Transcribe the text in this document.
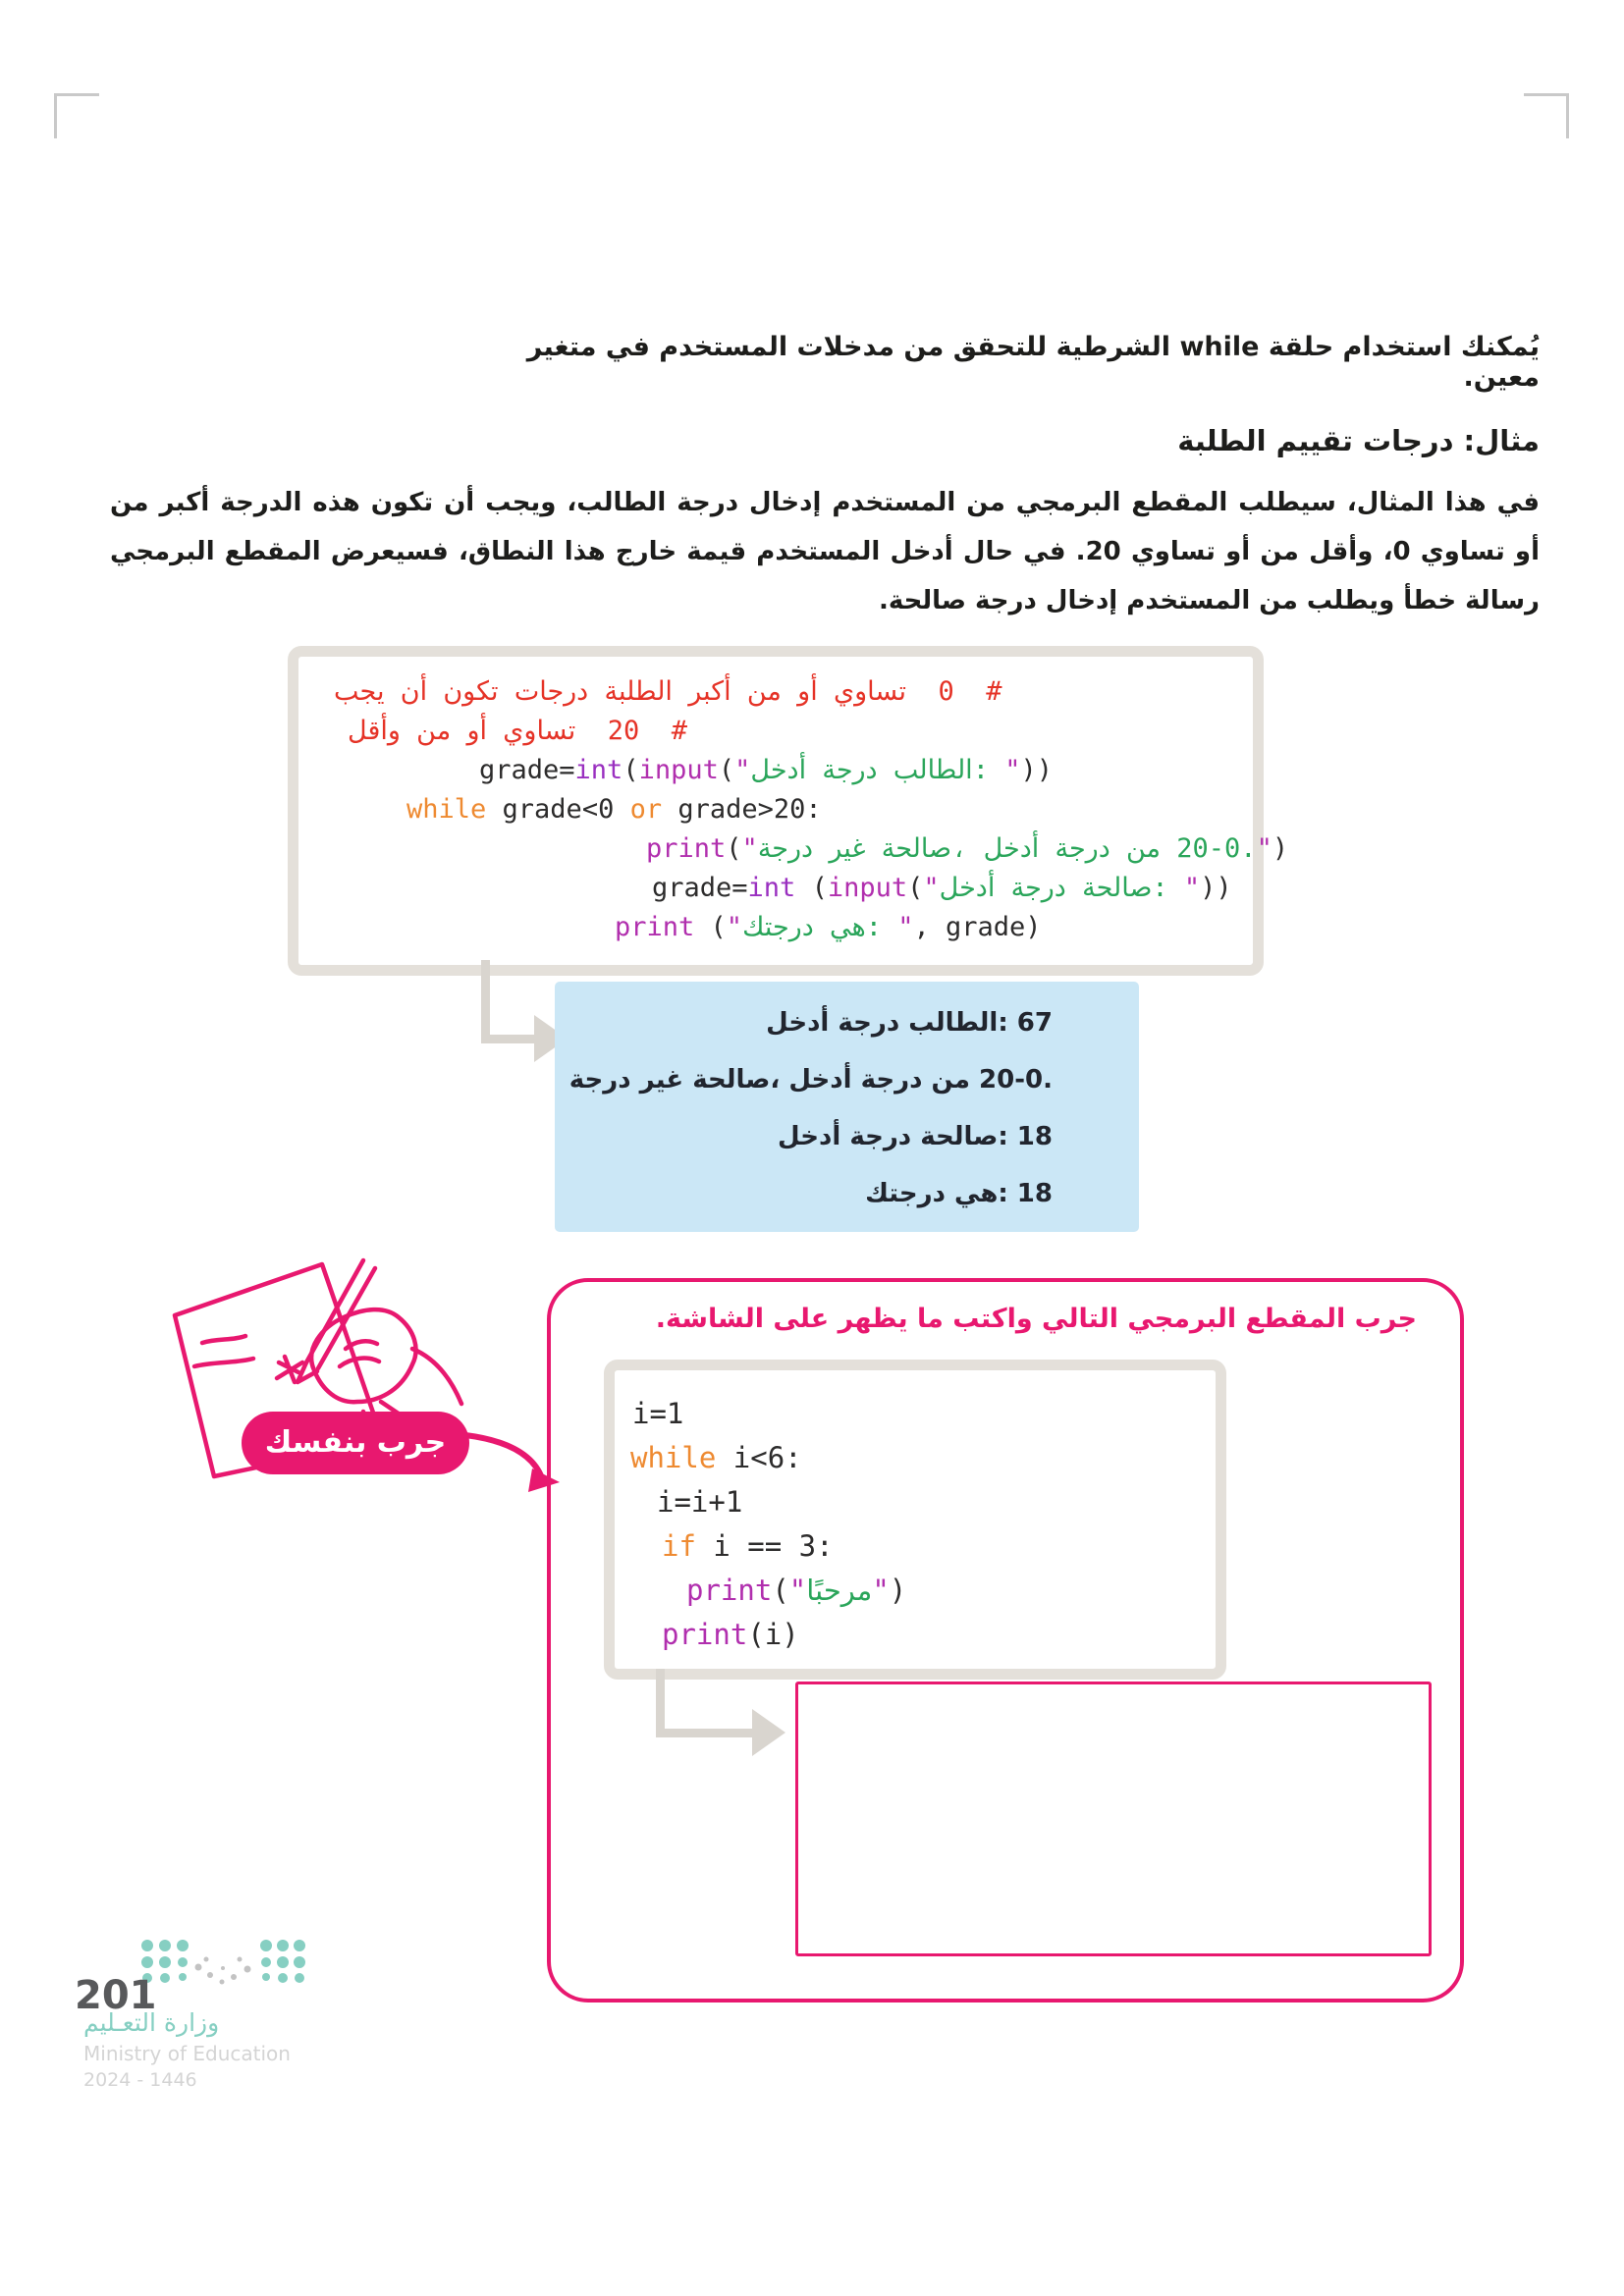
يُمكنك استخدام حلقة while الشرطية للتحقق من مدخلات المستخدم في متغير معين.
مثال: درجات تقييم الطلبة
في هذا المثال، سيطلب المقطع البرمجي من المستخدم إدخال درجة الطالب، ويجب أن تكون هذه الدرجة أكبر من أو تساوي 0، وأقل من أو تساوي 20. في حال أدخل المستخدم قيمة خارج هذا النطاق، فسيعرض المقطع البرمجي رسالة خطأ ويطلب من المستخدم إدخال درجة صالحة.
يجب أن تكون درجات الطلبة أكبر من أو تساوي  0  #
وأقل من أو تساوي  20  #
grade=int(input("أدخل درجة الطالب: "))
while grade<0 or grade>20:
print("درجة غير صالحة، أدخل درجة من 20-0.")
grade=int (input("أدخل درجة صالحة: "))
print ("درجتك هي: ", grade)
أدخل درجة الطالب: 67
درجة غير صالحة، أدخل درجة من 20-0.
أدخل درجة صالحة: 18
درجتك هي: 18
جرب المقطع البرمجي التالي واكتب ما يظهر على الشاشة.
i=1
while i<6:
i=i+1
if i == 3:
print("مرحبًا")
print(i)
جرب بنفسك
201
وزارة التعـليم
Ministry of Education
2024 - 1446
